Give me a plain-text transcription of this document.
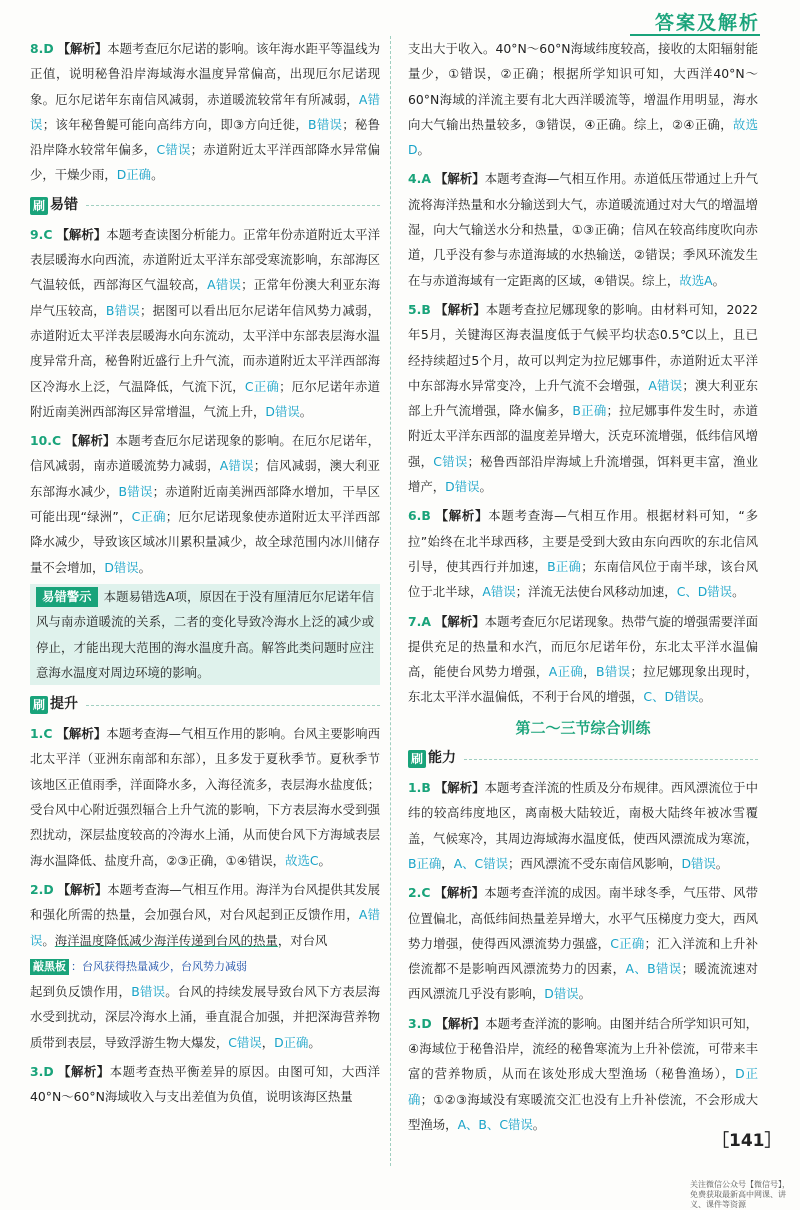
答案及解析

8.D 【解析】本题考查厄尔尼诺的影响。该年海水距平等温线为正值，说明秘鲁沿岸海域海水温度异常偏高，出现厄尔尼诺现象。厄尔尼诺年东南信风减弱，赤道暖流较常年有所减弱，A错误；该年秘鲁鳀可能向高纬方向，即③方向迁徙，B错误；秘鲁沿岸降水较常年偏多，C错误；赤道附近太平洋西部降水异常偏少，干燥少雨，D正确。

刷 易错

9.C 【解析】本题考查读图分析能力。正常年份赤道附近太平洋表层暖海水向西流，赤道附近太平洋东部受寒流影响，东部海区气温较低，西部海区气温较高，A错误；正常年份澳大利亚东海岸气压较高，B错误；据图可以看出厄尔尼诺年信风势力减弱，赤道附近太平洋表层暖海水向东流动，太平洋中东部表层海水温度异常升高，秘鲁附近盛行上升气流，而赤道附近太平洋西部海区冷海水上泛，气温降低，气流下沉，C正确；厄尔尼诺年赤道附近南美洲西部海区异常增温，气流上升，D错误。

10.C 【解析】本题考查厄尔尼诺现象的影响。在厄尔尼诺年，信风减弱，南赤道暖流势力减弱，A错误；信风减弱，澳大利亚东部海水减少，B错误；赤道附近南美洲西部降水增加，干旱区可能出现“绿洲”，C正确；厄尔尼诺现象使赤道附近太平洋西部降水减少，导致该区域冰川累积量减少，故全球范围内冰川储存量不会增加，D错误。

易错警示 本题易错选A项，原因在于没有厘清厄尔尼诺年信风与南赤道暖流的关系，二者的变化导致冷海水上泛的减少或停止，才能出现大范围的海水温度升高。解答此类问题时应注意海水温度对周边环境的影响。
刷 提升

1.C 【解析】本题考查海—气相互作用的影响。台风主要影响西北太平洋（亚洲东南部和东部），且多发于夏秋季节。夏秋季节该地区正值雨季，洋面降水多，入海径流多，表层海水盐度低；受台风中心附近强烈辐合上升气流的影响，下方表层海水受到强烈扰动，深层盐度较高的冷海水上涌，从而使台风下方海域表层海水温降低、盐度升高，②③正确，①④错误，故选C。

2.D 【解析】本题考查海—气相互作用。海洋为台风提供其发展和强化所需的热量，会加强台风，对台风起到正反馈作用，A错误。海洋温度降低减少海洋传递到台风的热量，对台风
敲黑板 ：台风获得热量减少，台风势力减弱
起到负反馈作用，B错误。台风的持续发展导致台风下方表层海水受到扰动，深层冷海水上涌，垂直混合加强，并把深海营养物质带到表层，导致浮游生物大爆发，C错误，D正确。

3.D 【解析】本题考查热平衡差异的原因。由图可知，大西洋40°N～60°N海域收入与支出差值为负值，说明该海区热量

支出大于收入。40°N～60°N海域纬度较高，接收的太阳辐射能量少，①错误，②正确；根据所学知识可知，大西洋40°N～60°N海域的洋流主要有北大西洋暖流等，增温作用明显，海水向大气输出热量较多，③错误，④正确。综上，②④正确，故选D。

4.A 【解析】本题考查海—气相互作用。赤道低压带通过上升气流将海洋热量和水分输送到大气，赤道暖流通过对大气的增温增湿，向大气输送水分和热量，①③正确；信风在较高纬度吹向赤道，几乎没有参与赤道海域的水热输送，②错误；季风环流发生在与赤道海域有一定距离的区域，④错误。综上，故选A。

5.B 【解析】本题考查拉尼娜现象的影响。由材料可知，2022年5月，关键海区海表温度低于气候平均状态0.5℃以上，且已经持续超过5个月，故可以判定为拉尼娜事件，赤道附近太平洋中东部海水异常变冷，上升气流不会增强，A错误；澳大利亚东部上升气流增强，降水偏多，B正确；拉尼娜事件发生时，赤道附近太平洋东西部的温度差异增大，沃克环流增强，低纬信风增强，C错误；秘鲁西部沿岸海域上升流增强，饵料更丰富，渔业增产，D错误。

6.B 【解析】本题考查海—气相互作用。根据材料可知，“多拉”始终在北半球西移，主要是受到大致由东向西吹的东北信风引导，使其西行并加速，B正确；东南信风位于南半球，该台风位于北半球，A错误；洋流无法使台风移动加速，C、D错误。

7.A 【解析】本题考查厄尔尼诺现象。热带气旋的增强需要洋面提供充足的热量和水汽，而厄尔尼诺年份，东北太平洋水温偏高，能使台风势力增强，A正确，B错误；拉尼娜现象出现时，东北太平洋水温偏低，不利于台风的增强，C、D错误。

第二～三节综合训练
刷 能力

1.B 【解析】本题考查洋流的性质及分布规律。西风漂流位于中纬的较高纬度地区，离南极大陆较近，南极大陆终年被冰雪覆盖，气候寒冷，其周边海域海水温度低，使西风漂流成为寒流，B正确，A、C错误；西风漂流不受东南信风影响，D错误。

2.C 【解析】本题考查洋流的成因。南半球冬季，气压带、风带位置偏北，高低纬间热量差异增大，水平气压梯度力变大，西风势力增强，使得西风漂流势力强盛，C正确；汇入洋流和上升补偿流都不是影响西风漂流势力的因素，A、B错误；暖流流速对西风漂流几乎没有影响，D错误。

3.D 【解析】本题考查洋流的影响。由图并结合所学知识可知，④海域位于秘鲁沿岸，流经的秘鲁寒流为上升补偿流，可带来丰富的营养物质，从而在该处形成大型渔场（秘鲁渔场），D正确；①②③海域没有寒暖流交汇也没有上升补偿流，不会形成大型渔场，A、B、C错误。

［141］
关注微信公众号【微信号】，
免费获取最新高中网课、讲义、课件等资源
